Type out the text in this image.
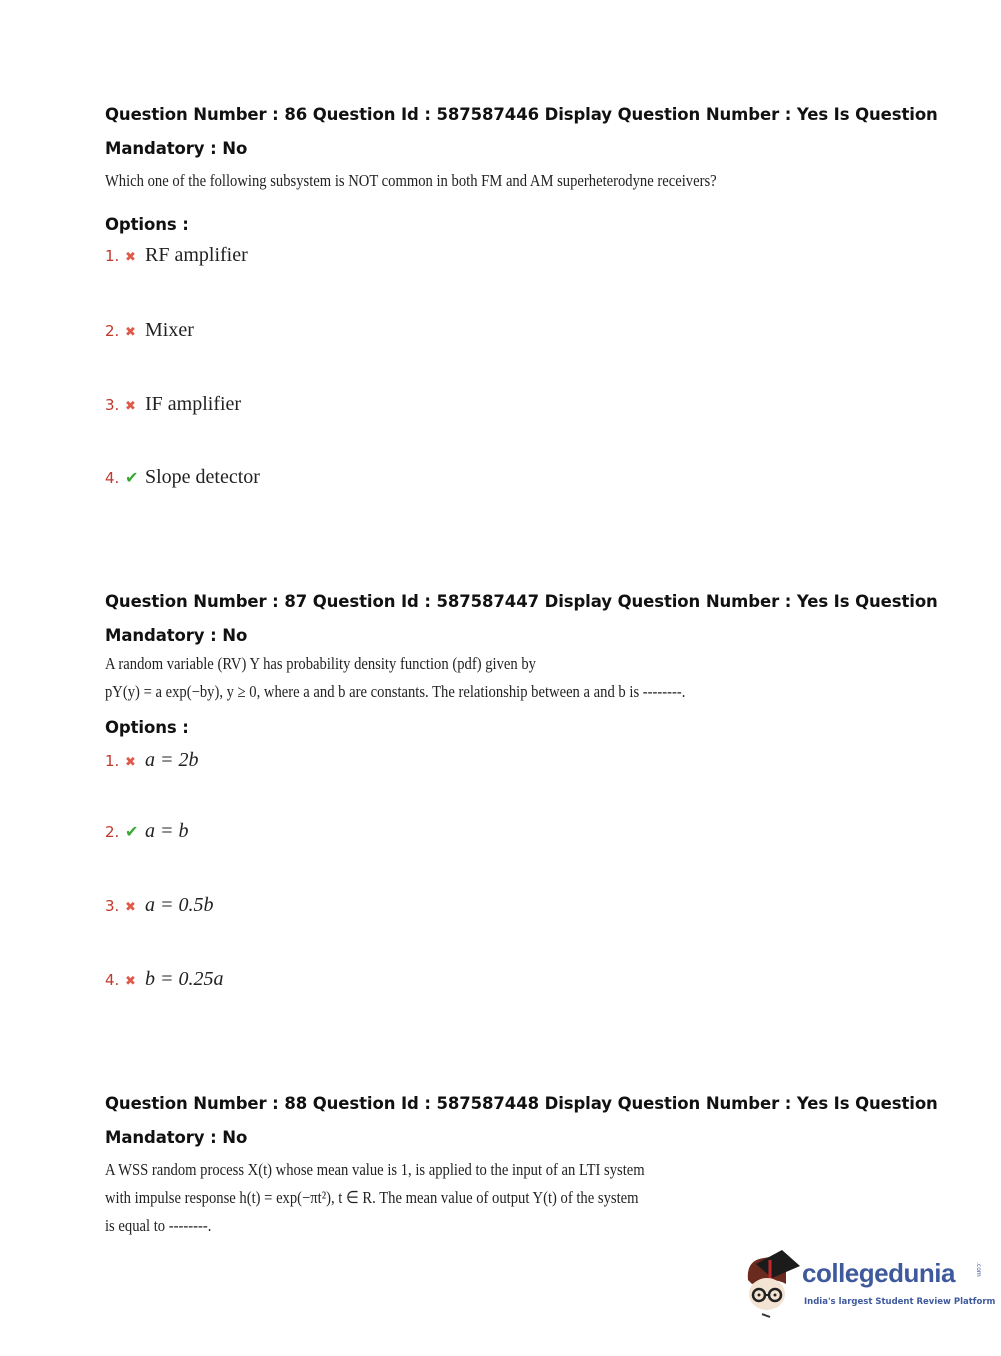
Question Number : 86 Question Id : 587587446 Display Question Number : Yes Is Question
Mandatory : No
Which one of the following subsystem is NOT common in both FM and AM superheterodyne receivers?
Options :
1. ✖ RF amplifier
2. ✖ Mixer
3. ✖ IF amplifier
4. ✔ Slope detector
Question Number : 87 Question Id : 587587447 Display Question Number : Yes Is Question
Mandatory : No
A random variable (RV) Y has probability density function (pdf) given by
pY(y) = a exp(−by), y ≥ 0, where a and b are constants. The relationship between a and b is --------.
Options :
1. ✖ a = 2b
2. ✔ a = b
3. ✖ a = 0.5b
4. ✖ b = 0.25a
Question Number : 88 Question Id : 587587448 Display Question Number : Yes Is Question
Mandatory : No
A WSS random process X(t) whose mean value is 1, is applied to the input of an LTI system
with impulse response h(t) = exp(−πt²), t ∈ R. The mean value of output Y(t) of the system
is equal to --------.
collegedunia	.com
India's largest Student Review Platform
